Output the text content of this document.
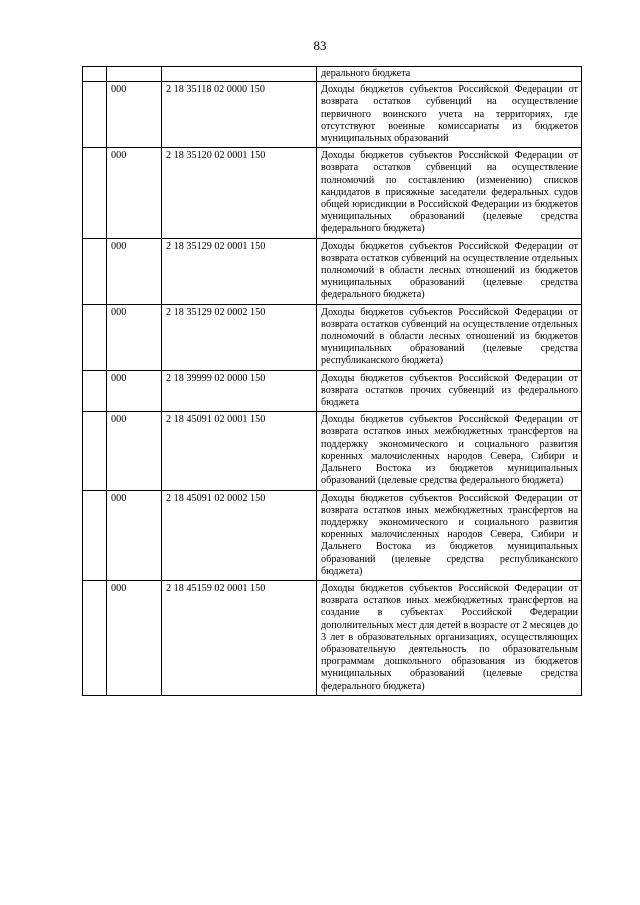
83
			дерального бюджета
	000	2 18 35118 02 0000 150	Доходы бюджетов субъектов Российской Федерации от возврата остатков субвенций на осуществление первичного воинского учета на территориях, где отсутствуют военные комиссариаты из бюджетов муниципальных образований
	000	2 18 35120 02 0001 150	Доходы бюджетов субъектов Российской Федерации от возврата остатков субвенций на осуществление полномочий по составлению (изменению) списков кандидатов в присяжные заседатели федеральных судов общей юрисдикции в Российской Федерации из бюджетов муниципальных образований (целевые средства федерального бюджета)
	000	2 18 35129 02 0001 150	Доходы бюджетов субъектов Российской Федерации от возврата остатков субвенций на осуществление отдельных полномочий в области лесных отношений из бюджетов муниципальных образований (целевые средства федерального бюджета)
	000	2 18 35129 02 0002 150	Доходы бюджетов субъектов Российской Федерации от возврата остатков субвенций на осуществление отдельных полномочий в области лесных отношений из бюджетов муниципальных образований (целевые средства республиканского бюджета)
	000	2 18 39999 02 0000 150	Доходы бюджетов субъектов Российской Федерации от возврата остатков прочих субвенций из федерального бюджета
	000	2 18 45091 02 0001 150	Доходы бюджетов субъектов Российской Федерации от возврата остатков иных межбюджетных трансфертов на поддержку экономического и социального развития коренных малочисленных народов Севера, Сибири и Дальнего Востока из бюджетов муниципальных образований (целевые средства федерального бюджета)
	000	2 18 45091 02 0002 150	Доходы бюджетов субъектов Российской Федерации от возврата остатков иных межбюджетных трансфертов на поддержку экономического и социального развития коренных малочисленных народов Севера, Сибири и Дальнего Востока из бюджетов муниципальных образований (целевые средства республиканского бюджета)
	000	2 18 45159 02 0001 150	Доходы бюджетов субъектов Российской Федерации от возврата остатков иных межбюджетных трансфертов на создание в субъектах Российской Федерации дополнительных мест для детей в возрасте от 2 месяцев до 3 лет в образовательных организациях, осуществляющих образовательную деятельность по образовательным программам дошкольного образования из бюджетов муниципальных образований (целевые средства федерального бюджета)
